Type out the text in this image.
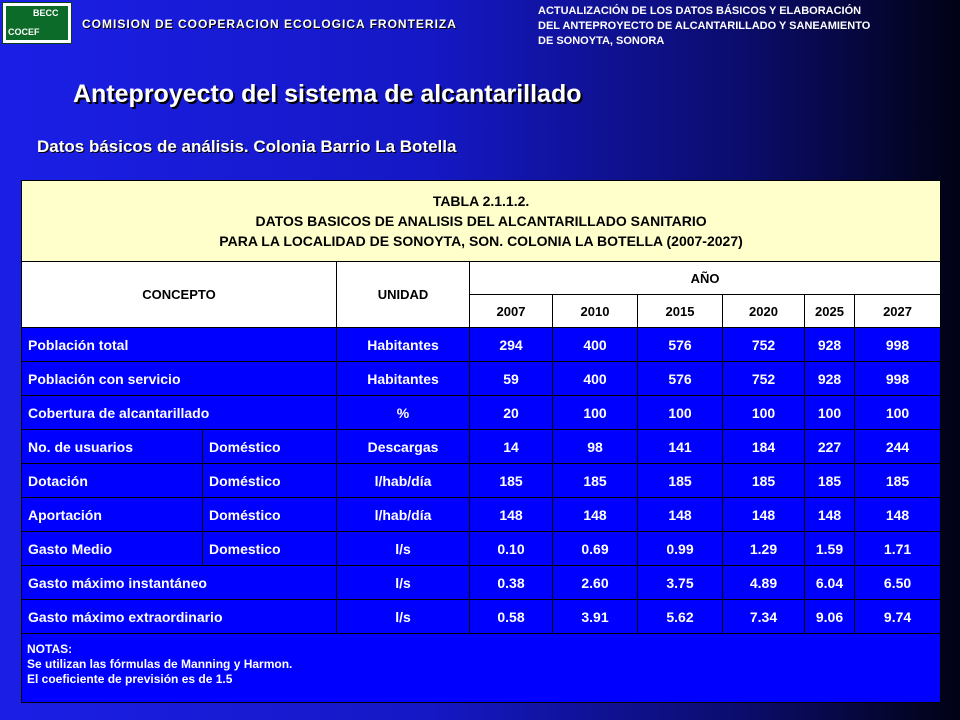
BECC
COCEF
COMISION DE COOPERACION ECOLOGICA FRONTERIZA
ACTUALIZACIÓN DE LOS DATOS BÁSICOS Y ELABORACIÓN
DEL ANTEPROYECTO DE ALCANTARILLADO Y SANEAMIENTO
DE SONOYTA, SONORA
Anteproyecto del sistema de alcantarillado
Datos básicos de análisis. Colonia Barrio La Botella
TABLA 2.1.1.2.
DATOS BASICOS DE ANALISIS DEL ALCANTARILLADO SANITARIO
PARA LA LOCALIDAD DE SONOYTA, SON. COLONIA LA BOTELLA (2007-2027)								

CONCEPTO		UNIDAD	AÑO					
			2007	2010	2015	2020	2025	2027
Población total		Habitantes	294	400	576	752	928	998
Población con servicio		Habitantes	59	400	576	752	928	998
Cobertura de alcantarillado		%	20	100	100	100	100	100
No. de usuarios	Doméstico	Descargas	14	98	141	184	227	244
Dotación	Doméstico	l/hab/día	185	185	185	185	185	185
Aportación	Doméstico	l/hab/día	148	148	148	148	148	148
Gasto Medio	Domestico	l/s	0.10	0.69	0.99	1.29	1.59	1.71
Gasto máximo instantáneo		l/s	0.38	2.60	3.75	4.89	6.04	6.50
Gasto máximo extraordinario		l/s	0.58	3.91	5.62	7.34	9.06	9.74

NOTAS:
Se utilizan las fórmulas de Manning y Harmon.
El coeficiente de previsión es de 1.5								
